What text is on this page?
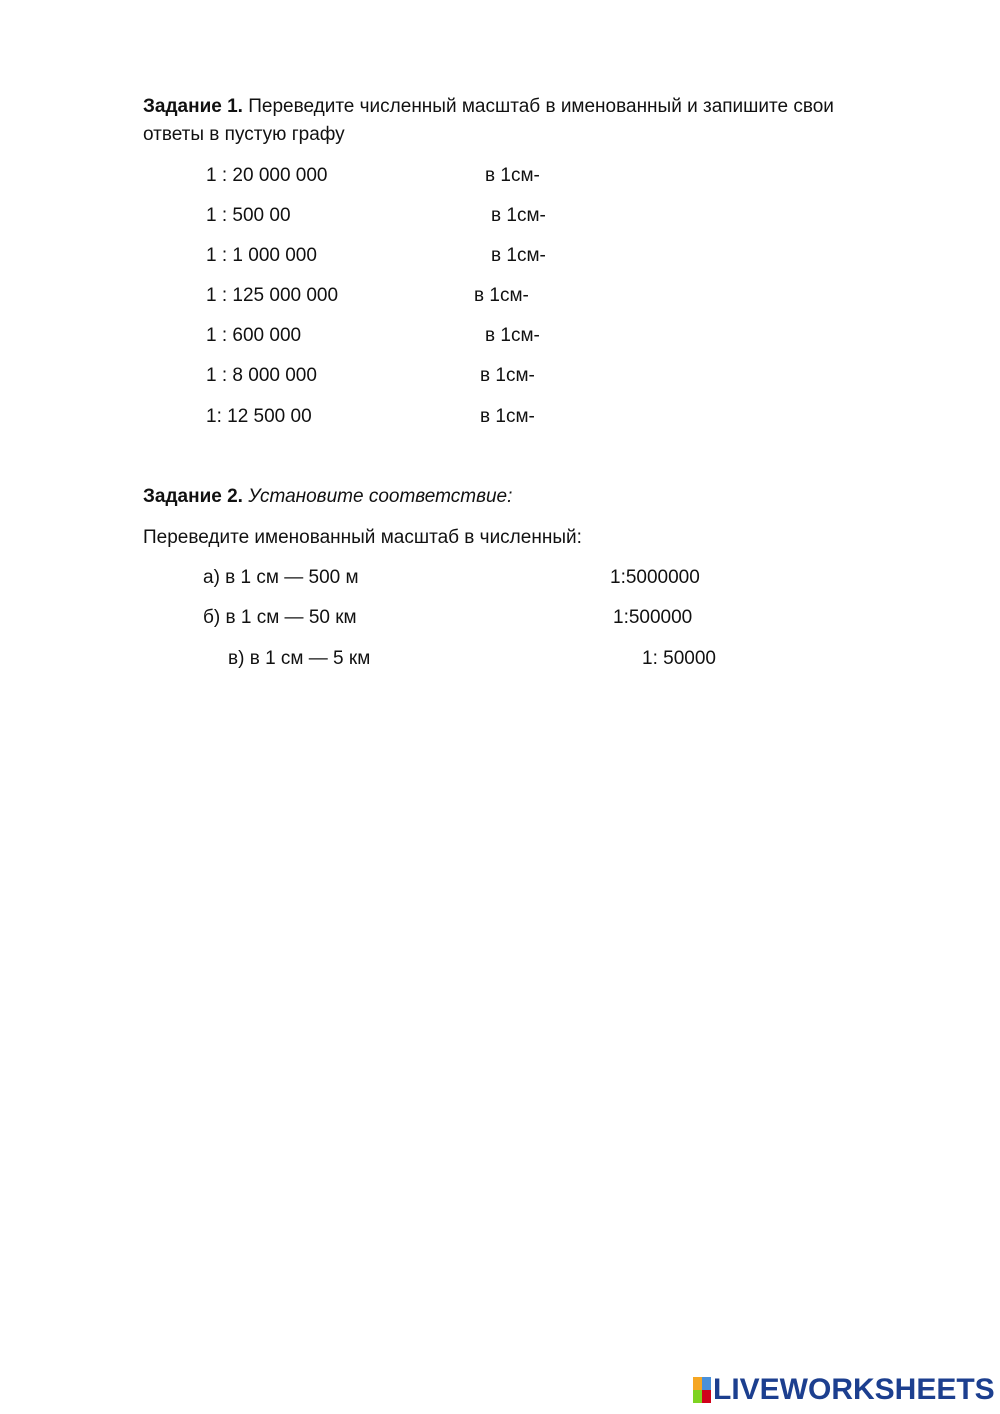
Задание 1. Переведите численный масштаб в именованный и запишите свои
ответы в пустую графу
1 : 20 000 000	в 1см-
1 : 500 00	в 1см-
1 : 1 000 000	в 1см-
1 : 125 000 000	в 1см-
1 : 600 000	в 1см-
1 : 8 000 000	в 1см-
1: 12 500 00	в 1см-
Задание 2. Установите соответствие:
Переведите именованный масштаб в численный:
а) в 1 см — 500 м	1:5000000
б) в 1 см — 50 км	1:500000
в) в 1 см — 5 км	1: 50000
LIVEWORKSHEETS
